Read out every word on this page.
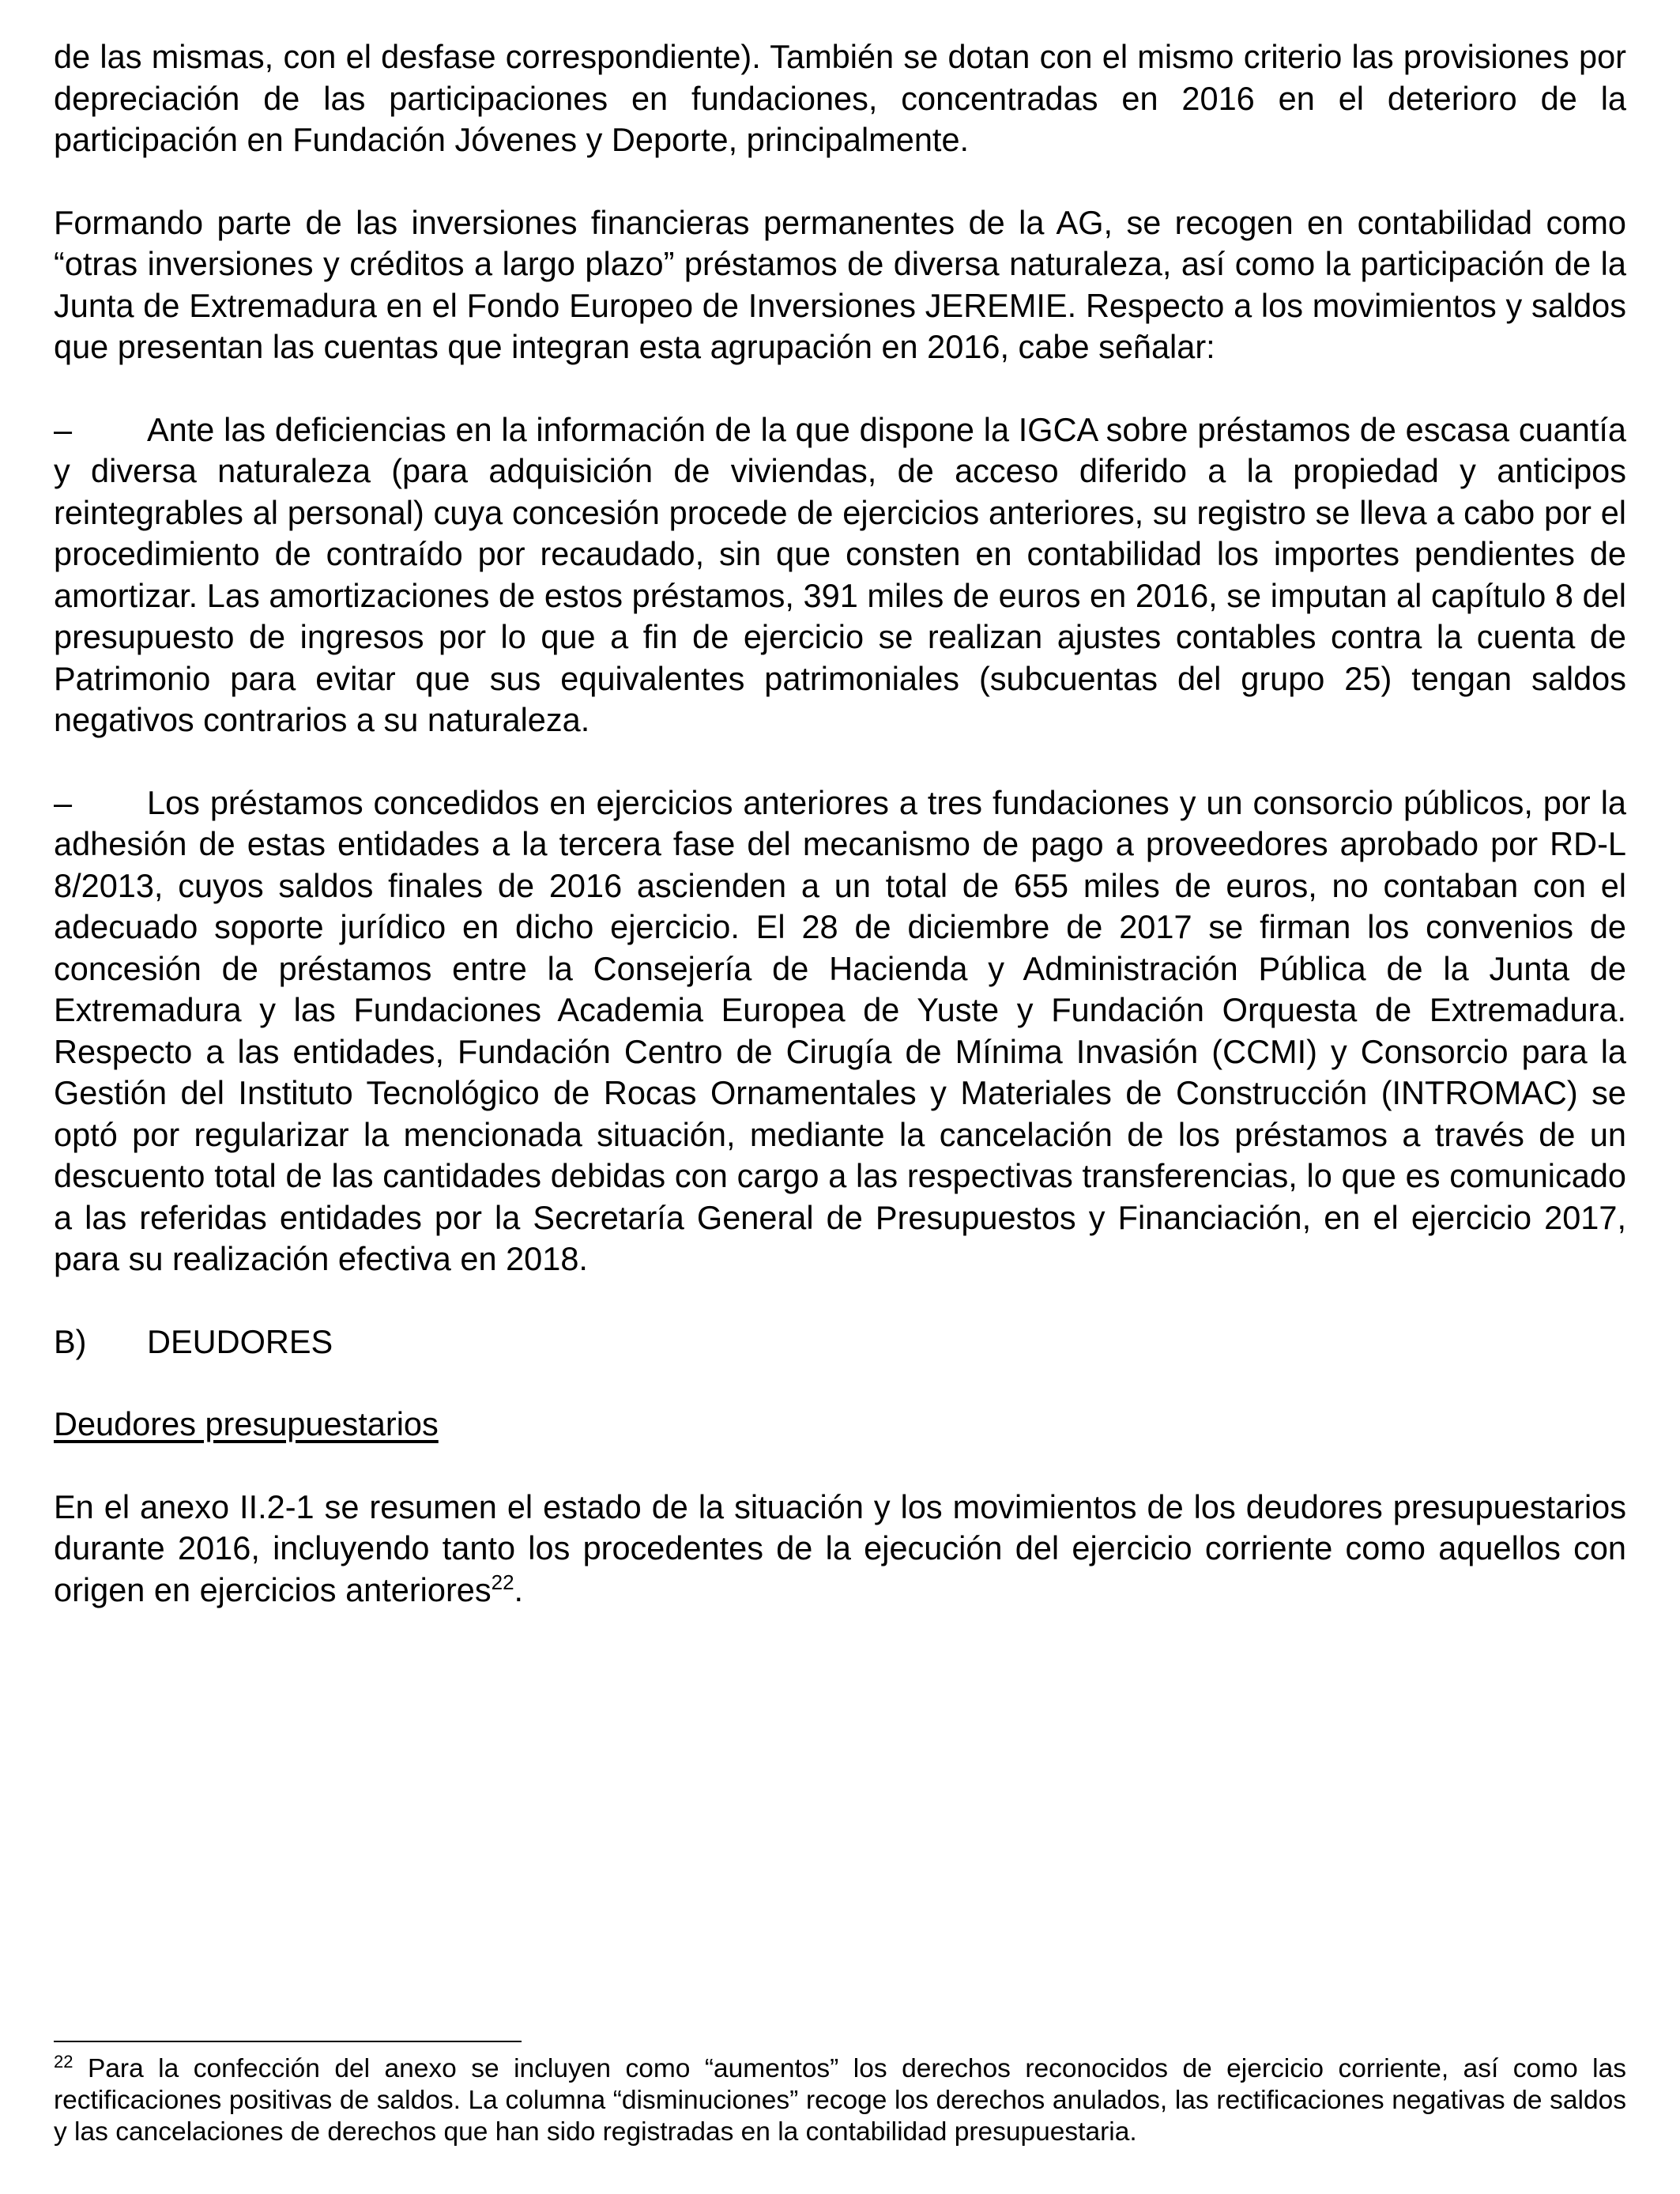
de las mismas, con el desfase correspondiente). También se dotan con el mismo criterio las provisiones por depreciación de las participaciones en fundaciones, concentradas en 2016 en el deterioro de la participación en Fundación Jóvenes y Deporte, principalmente.

Formando parte de las inversiones financieras permanentes de la AG, se recogen en contabilidad como “otras inversiones y créditos a largo plazo” préstamos de diversa naturaleza, así como la participación de la Junta de Extremadura en el Fondo Europeo de Inversiones JEREMIE. Respecto a los movimientos y saldos que presentan las cuentas que integran esta agrupación en 2016, cabe señalar:

– Ante las deficiencias en la información de la que dispone la IGCA sobre préstamos de escasa cuantía y diversa naturaleza (para adquisición de viviendas, de acceso diferido a la propiedad y anticipos reintegrables al personal) cuya concesión procede de ejercicios anteriores, su registro se lleva a cabo por el procedimiento de contraído por recaudado, sin que consten en contabilidad los importes pendientes de amortizar. Las amortizaciones de estos préstamos, 391 miles de euros en 2016, se imputan al capítulo 8 del presupuesto de ingresos por lo que a fin de ejercicio se realizan ajustes contables contra la cuenta de Patrimonio para evitar que sus equivalentes patrimoniales (subcuentas del grupo 25) tengan saldos negativos contrarios a su naturaleza.

– Los préstamos concedidos en ejercicios anteriores a tres fundaciones y un consorcio públicos, por la adhesión de estas entidades a la tercera fase del mecanismo de pago a proveedores aprobado por RD-L 8/2013, cuyos saldos finales de 2016 ascienden a un total de 655 miles de euros, no contaban con el adecuado soporte jurídico en dicho ejercicio. El 28 de diciembre de 2017 se firman los convenios de concesión de préstamos entre la Consejería de Hacienda y Administración Pública de la Junta de Extremadura y las Fundaciones Academia Europea de Yuste y Fundación Orquesta de Extremadura. Respecto a las entidades, Fundación Centro de Cirugía de Mínima Invasión (CCMI) y Consorcio para la Gestión del Instituto Tecnológico de Rocas Ornamentales y Materiales de Construcción (INTROMAC) se optó por regularizar la mencionada situación, mediante la cancelación de los préstamos a través de un descuento total de las cantidades debidas con cargo a las respectivas transferencias, lo que es comunicado a las referidas entidades por la Secretaría General de Presupuestos y Financiación, en el ejercicio 2017, para su realización efectiva en 2018.

B) DEUDORES

Deudores presupuestarios

En el anexo II.2-1 se resumen el estado de la situación y los movimientos de los deudores presupuestarios durante 2016, incluyendo tanto los procedentes de la ejecución del ejercicio corriente como aquellos con origen en ejercicios anteriores$^{22}$.

$^{22}$ Para la confección del anexo se incluyen como “aumentos” los derechos reconocidos de ejercicio corriente, así como las rectificaciones positivas de saldos. La columna “disminuciones” recoge los derechos anulados, las rectificaciones negativas de saldos y las cancelaciones de derechos que han sido registradas en la contabilidad presupuestaria.
